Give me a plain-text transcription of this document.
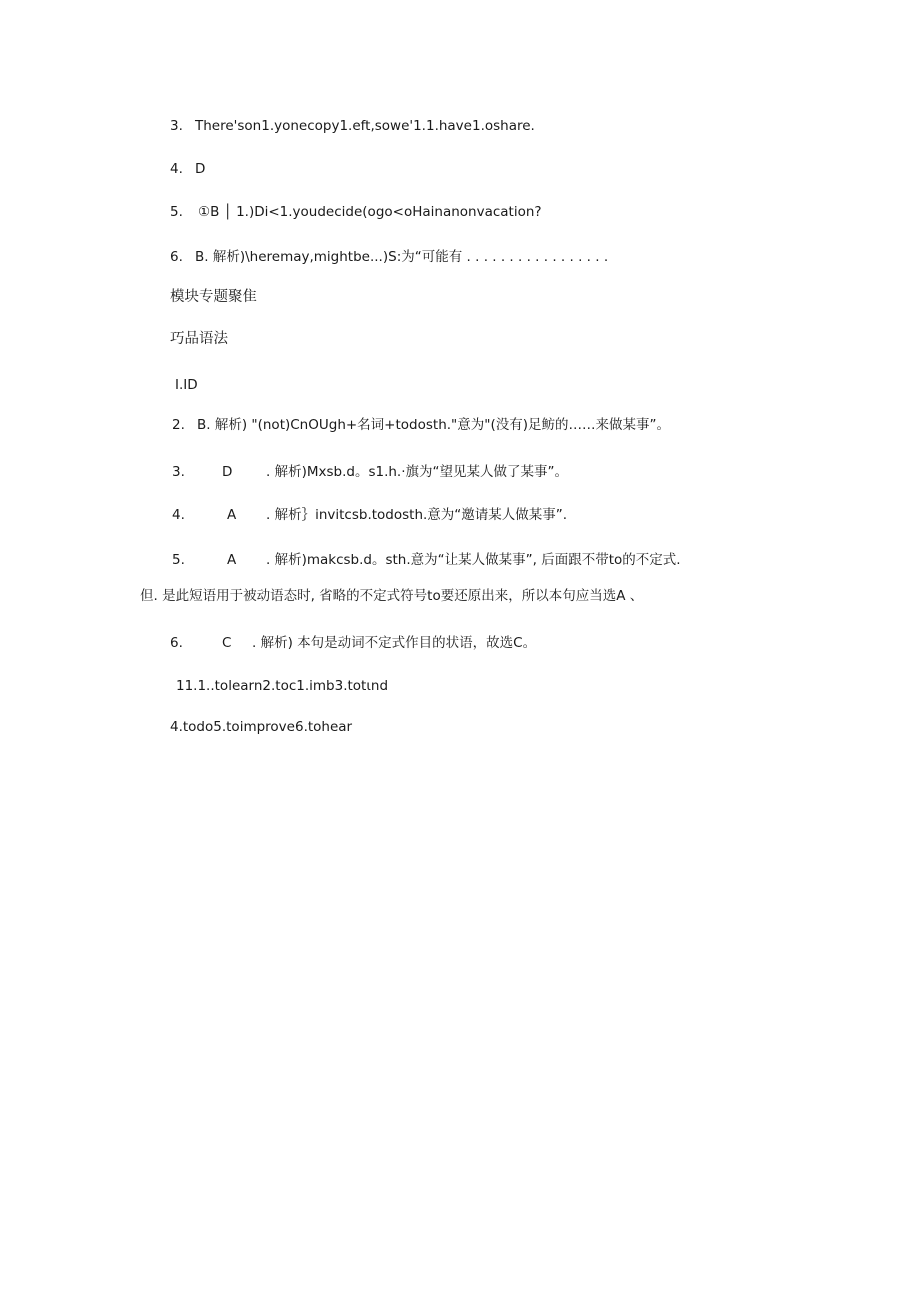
3. There'son1.yonecopy1.eft,sowe'1.1.have1.oshare.
4. D
5. ①B │ 1.)Di<1.youdecide(ogo<oHainanonvacation?
6. B. 解析)\heremay,mightbe...)S:为“可能有 . . . . . . . . . . . . . . . . .
模块专题聚隹
巧品语法
I.ID
2. B. 解析) "(not)CnOUgh+名词+todosth."意为"(没有)足鲂的……来做某事”。
3.	D . 解析)Mxsb.d。s1.h.·旗为“望见某人做了某事”。
4.	A . 解析｝invitcsb.todosth.意为“邀请某人做某事”.
5.	A . 解析)makcsb.d。sth.意为“让某人做某事”, 后面跟不带to的不定式.
但. 是此短语用于被动语态时, 省略的不定式符号to要还原出来，所以本句应当选A 、
6.	C . 解析) 本句是动词不定式作目的状语，故选C。
11.1..tolearn2.toc1.imb3.totιnd
4.todo5.toimprove6.tohear
